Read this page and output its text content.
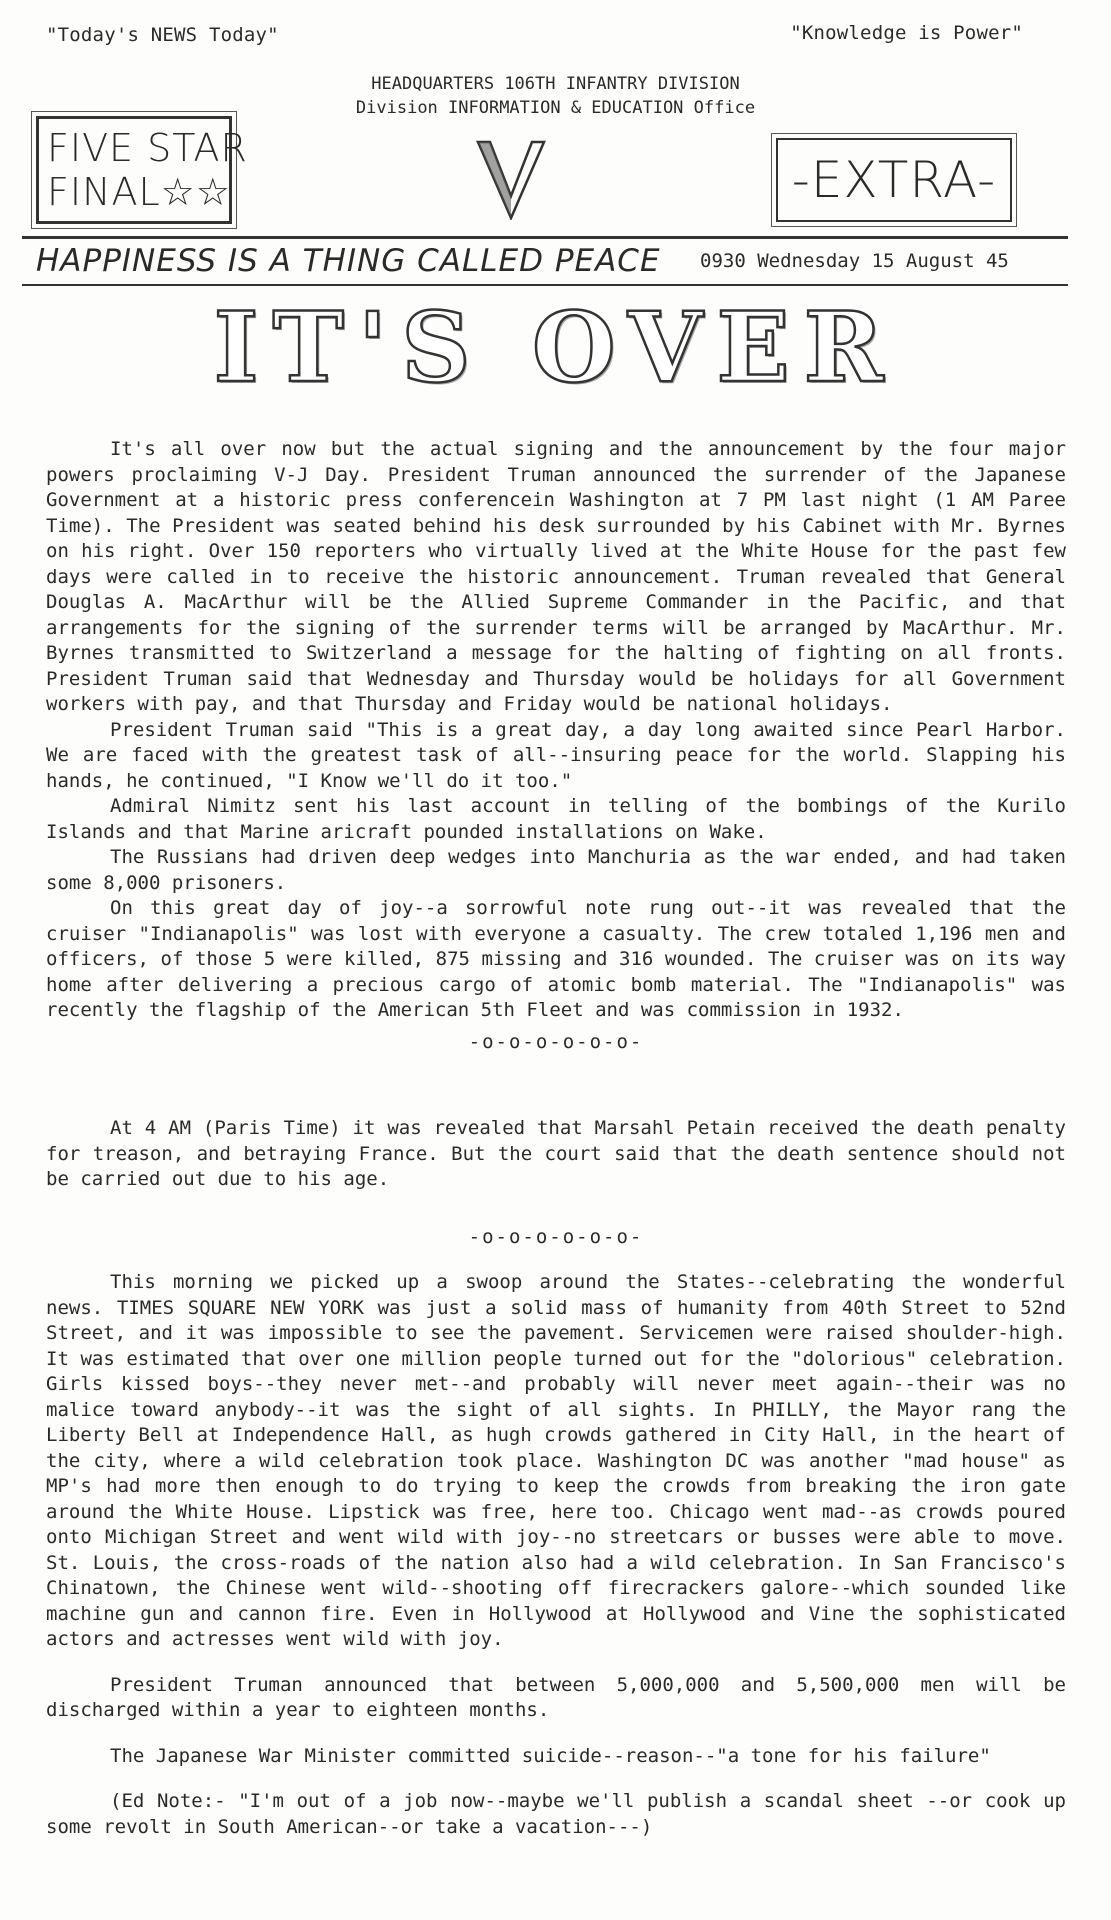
"Today's NEWS Today"	"Knowledge is Power"
HEADQUARTERS 106TH INFANTRY DIVISION
Division INFORMATION & EDUCATION Office
FIVE STAR
FINAL☆☆	-EXTRA-
HAPPINESS IS A THING CALLED PEACE 0930 Wednesday 15 August 45
IT'S OVER

It's all over now but the actual signing and the announcement by the four major powers proclaiming V-J Day. President Truman announced the surrender of the Japanese Government at a historic press conferencein Washington at 7 PM last night (1 AM Paree Time). The President was seated behind his desk surrounded by his Cabinet with Mr. Byrnes on his right. Over 150 reporters who virtually lived at the White House for the past few days were called in to receive the historic announcement. Truman revealed that General Douglas A. MacArthur will be the Allied Supreme Commander in the Pacific, and that arrangements for the signing of the surrender terms will be arranged by MacArthur. Mr. Byrnes transmitted to Switzerland a message for the halting of fighting on all fronts. President Truman said that Wednesday and Thursday would be holidays for all Government workers with pay, and that Thursday and Friday would be national holidays.

President Truman said "This is a great day, a day long awaited since Pearl Harbor. We are faced with the greatest task of all--insuring peace for the world. Slapping his hands, he continued, "I Know we'll do it too."

Admiral Nimitz sent his last account in telling of the bombings of the Kurilo Islands and that Marine aricraft pounded installations on Wake.

The Russians had driven deep wedges into Manchuria as the war ended, and had taken some 8,000 prisoners.

On this great day of joy--a sorrowful note rung out--it was revealed that the cruiser "Indianapolis" was lost with everyone a casualty. The crew totaled 1,196 men and officers, of those 5 were killed, 875 missing and 316 wounded. The cruiser was on its way home after delivering a precious cargo of atomic bomb material. The "Indianapolis" was recently the flagship of the American 5th Fleet and was commission in 1932.

-o-o-o-o-o-o-

At 4 AM (Paris Time) it was revealed that Marsahl Petain received the death penalty for treason, and betraying France. But the court said that the death sentence should not be carried out due to his age.

-o-o-o-o-o-o-

This morning we picked up a swoop around the States--celebrating the wonderful news. TIMES SQUARE NEW YORK was just a solid mass of humanity from 40th Street to 52nd Street, and it was impossible to see the pavement. Servicemen were raised shoulder-high. It was estimated that over one million people turned out for the "dolorious" celebration. Girls kissed boys--they never met--and probably will never meet again--their was no malice toward anybody--it was the sight of all sights. In PHILLY, the Mayor rang the Liberty Bell at Independence Hall, as hugh crowds gathered in City Hall, in the heart of the city, where a wild celebration took place. Washington DC was another "mad house" as MP's had more then enough to do trying to keep the crowds from breaking the iron gate around the White House. Lipstick was free, here too. Chicago went mad--as crowds poured onto Michigan Street and went wild with joy--no streetcars or busses were able to move. St. Louis, the cross-roads of the nation also had a wild celebration. In San Francisco's Chinatown, the Chinese went wild--shooting off firecrackers galore--which sounded like machine gun and cannon fire. Even in Hollywood at Hollywood and Vine the sophisticated actors and actresses went wild with joy.

President Truman announced that between 5,000,000 and 5,500,000 men will be discharged within a year to eighteen months.

The Japanese War Minister committed suicide--reason--"a tone for his failure"

(Ed Note:- "I'm out of a job now--maybe we'll publish a scandal sheet --or cook up some revolt in South American--or take a vacation---)
